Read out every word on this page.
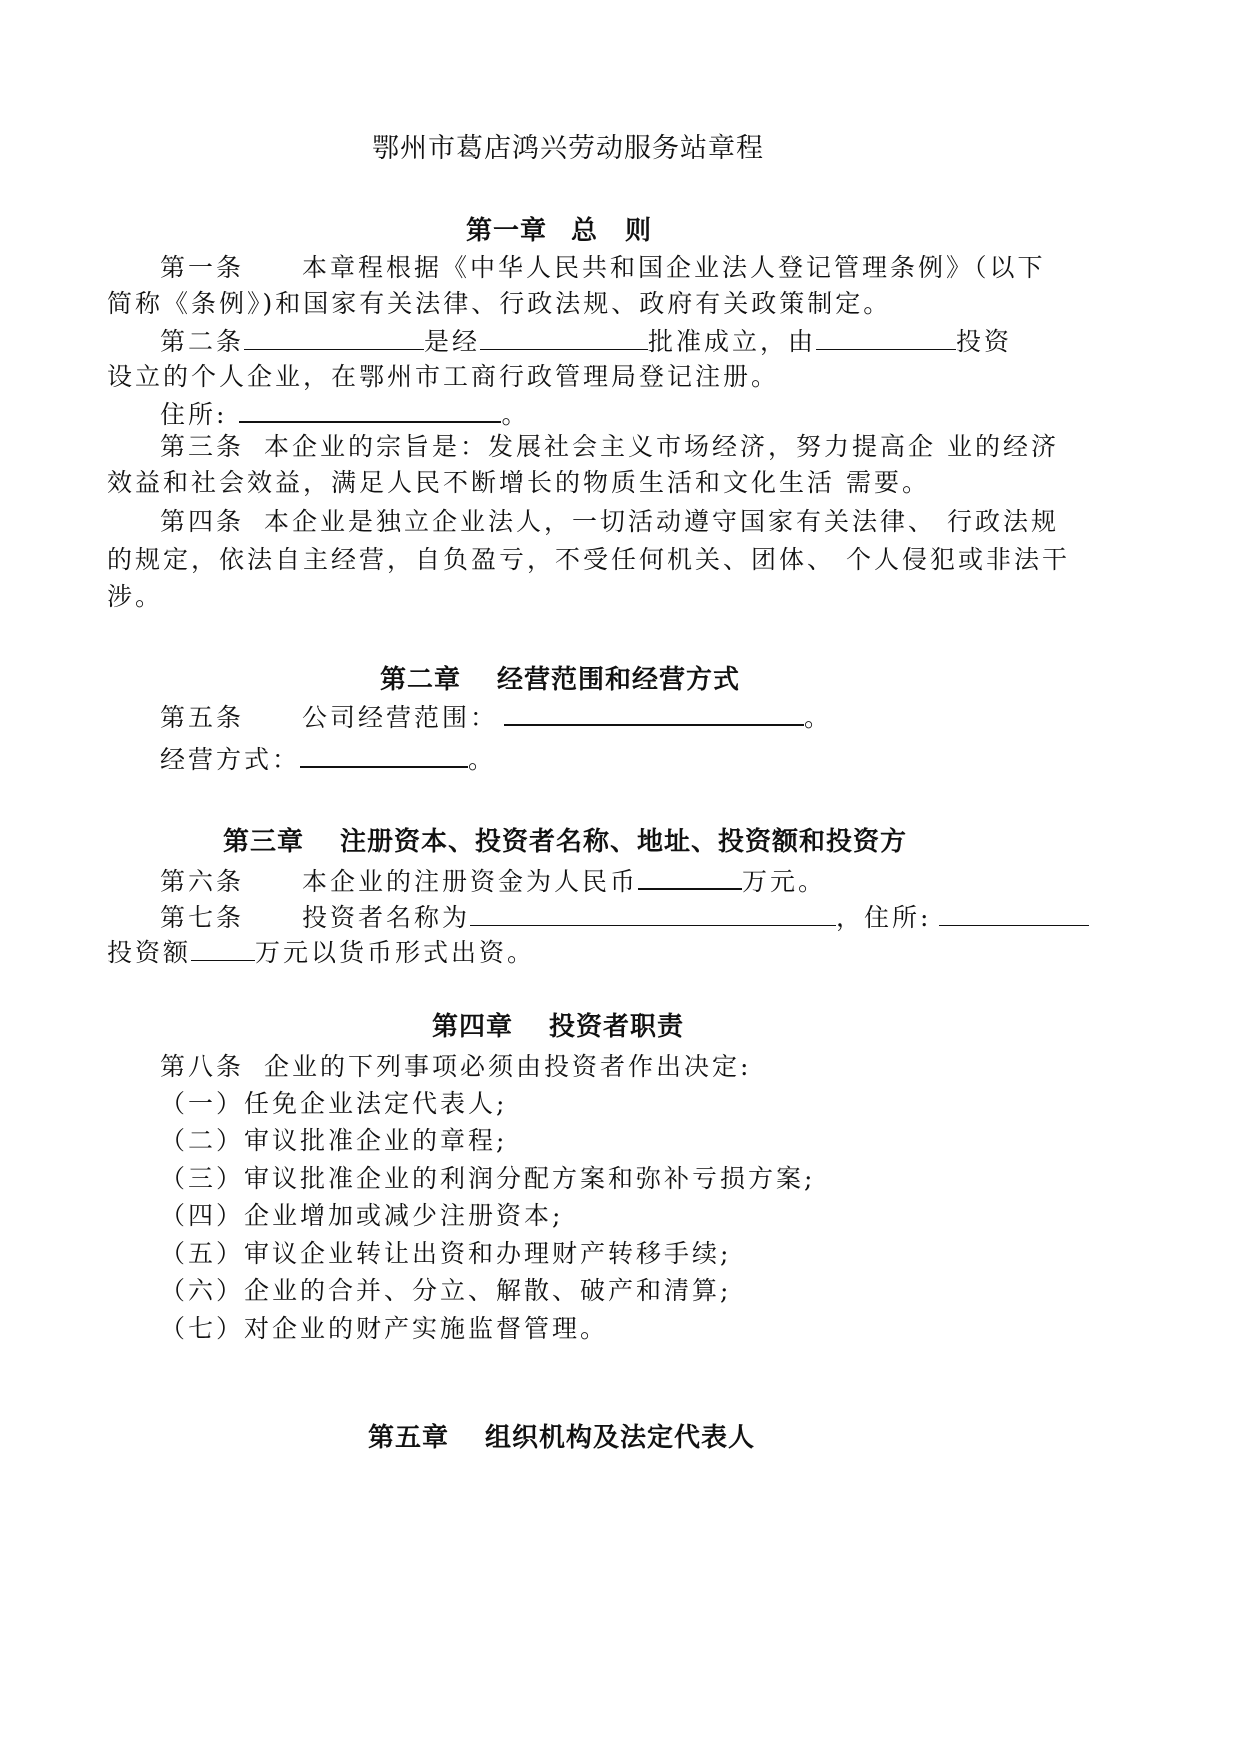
鄂州市葛店鸿兴劳动服务站章程
第一章 总　则
第一条 本章程根据《中华人民共和国企业法人登记管理条例》（以下
简称《条例》)和国家有关法律、行政法规、政府有关政策制定。
第二条	是经	批准成立，由	投资
设立的个人企业，在鄂州市工商行政管理局登记注册。
住所:	。
第三条 本企业的宗旨是：发展社会主义市场经济，努力提高企 业的经济
效益和社会效益，满足人民不断增长的物质生活和文化生活 需要。
第四条 本企业是独立企业法人，一切活动遵守国家有关法律、 行政法规
的规定，依法自主经营，自负盈亏，不受任何机关、团体、 个人侵犯或非法干
涉。
第二章 经营范围和经营方式
第五条 公司经营范围：	。
经营方式：	。
第三章 注册资本、投资者名称、地址、投资额和投资方
第六条 本企业的注册资金为人民币	万元。
第七条 投资者名称为	，住所:
投资额	万元以货币形式出资。
第四章 投资者职责
第八条 企业的下列事项必须由投资者作出决定:
（一）任免企业法定代表人;
（二）审议批准企业的章程;
（三）审议批准企业的利润分配方案和弥补亏损方案;
（四）企业增加或减少注册资本;
（五）审议企业转让出资和办理财产转移手续;
（六）企业的合并、分立、解散、破产和清算;
（七）对企业的财产实施监督管理。
第五章 组织机构及法定代表人
